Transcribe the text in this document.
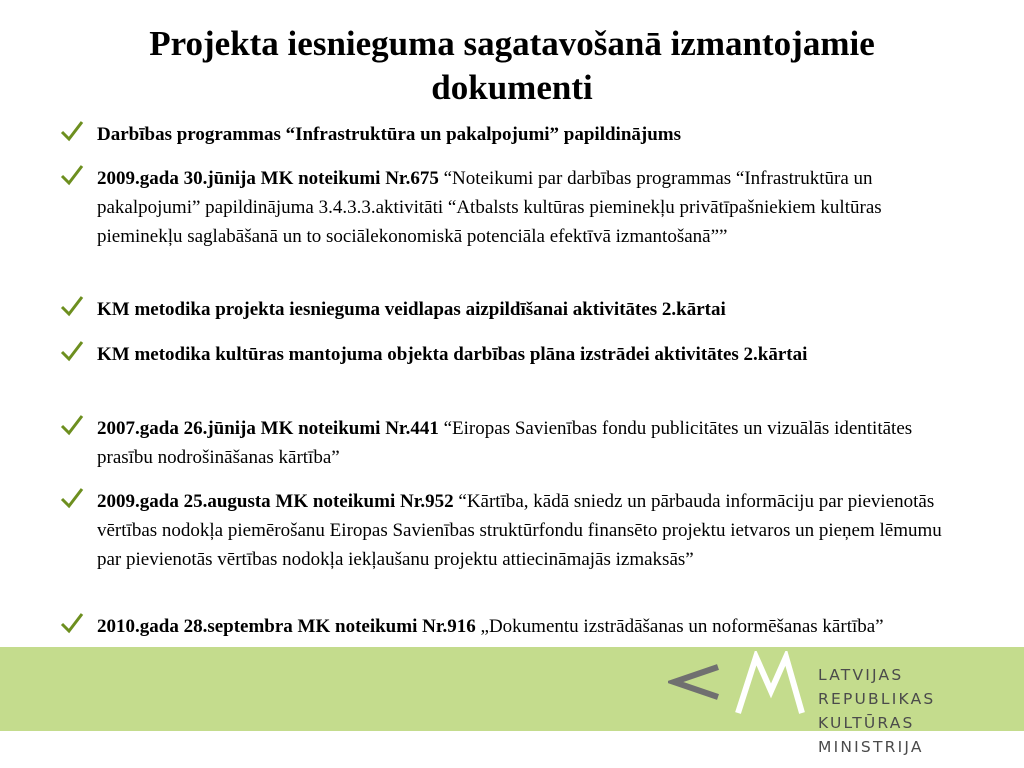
LATVIJAS REPUBLIKAS
KULTŪRAS MINISTRIJA
Projekta iesnieguma sagatavošanā izmantojamie
dokumenti
Darbības programmas “Infrastruktūra un pakalpojumi” papildinājums
2009.gada 30.jūnija MK noteikumi Nr.675 “Noteikumi par darbības programmas “Infrastruktūra un pakalpojumi” papildinājuma 3.4.3.3.aktivitāti “Atbalsts kultūras pieminekļu privātīpašniekiem kultūras pieminekļu saglabāšanā un to sociālekonomiskā potenciāla efektīvā izmantošanā””
KM metodika projekta iesnieguma veidlapas aizpildīšanai aktivitātes 2.kārtai
KM metodika kultūras mantojuma objekta darbības plāna izstrādei aktivitātes 2.kārtai
2007.gada 26.jūnija MK noteikumi Nr.441 “Eiropas Savienības fondu publicitātes un vizuālās identitātes prasību nodrošināšanas kārtība”
2009.gada 25.augusta MK noteikumi Nr.952 “Kārtība, kādā sniedz un pārbauda informāciju par pievienotās vērtības nodokļa piemērošanu Eiropas Savienības struktūrfondu finansēto projektu ietvaros un pieņem lēmumu par pievienotās vērtības nodokļa iekļaušanu projektu attiecināmajās izmaksās”
2010.gada 28.septembra MK noteikumi Nr.916 „Dokumentu izstrādāšanas un noformēšanas kārtība”
